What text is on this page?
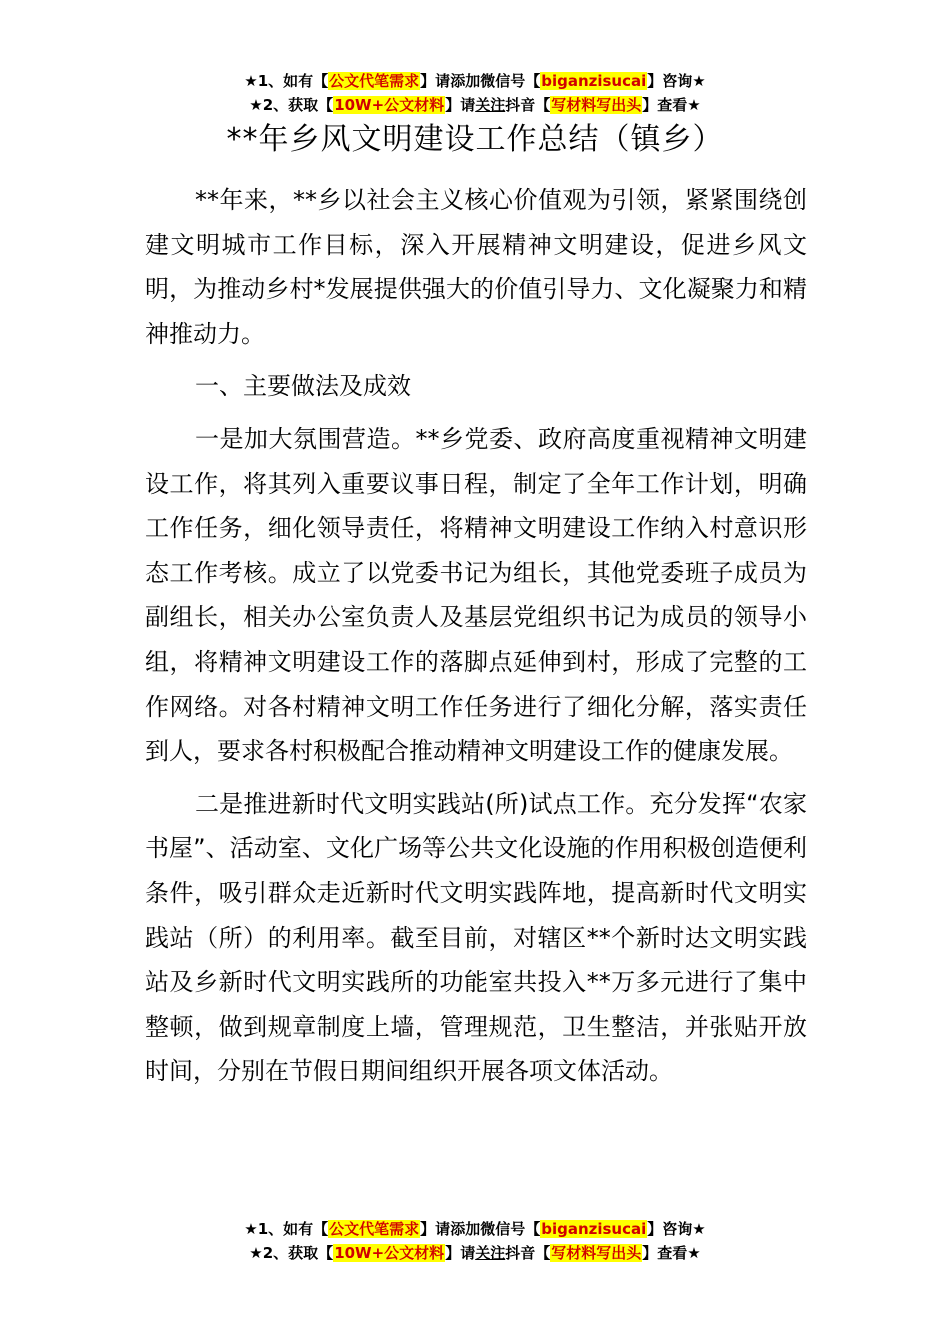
★1、如有【公文代笔需求】请添加微信号【biganzisucai】咨询★
★2、获取【10W+公文材料】请关注抖音【写材料写出头】查看★
**年乡风文明建设工作总结（镇乡）

**年来，**乡以社会主义核心价值观为引领，紧紧围绕创建文明城市工作目标，深入开展精神文明建设，促进乡风文明，为推动乡村*发展提供强大的价值引导力、文化凝聚力和精神推动力。

一、主要做法及成效

一是加大氛围营造。**乡党委、政府高度重视精神文明建设工作，将其列入重要议事日程，制定了全年工作计划，明确工作任务，细化领导责任，将精神文明建设工作纳入村意识形态工作考核。成立了以党委书记为组长，其他党委班子成员为副组长，相关办公室负责人及基层党组织书记为成员的领导小组，将精神文明建设工作的落脚点延伸到村，形成了完整的工作网络。对各村精神文明工作任务进行了细化分解，落实责任到人，要求各村积极配合推动精神文明建设工作的健康发展。

二是推进新时代文明实践站(所)试点工作。充分发挥“农家书屋”、活动室、文化广场等公共文化设施的作用积极创造便利条件，吸引群众走近新时代文明实践阵地，提高新时代文明实践站（所）的利用率。截至目前，对辖区**个新时达文明实践站及乡新时代文明实践所的功能室共投入**万多元进行了集中整顿，做到规章制度上墙，管理规范，卫生整洁，并张贴开放时间，分别在节假日期间组织开展各项文体活动。

★1、如有【公文代笔需求】请添加微信号【biganzisucai】咨询★
★2、获取【10W+公文材料】请关注抖音【写材料写出头】查看★
